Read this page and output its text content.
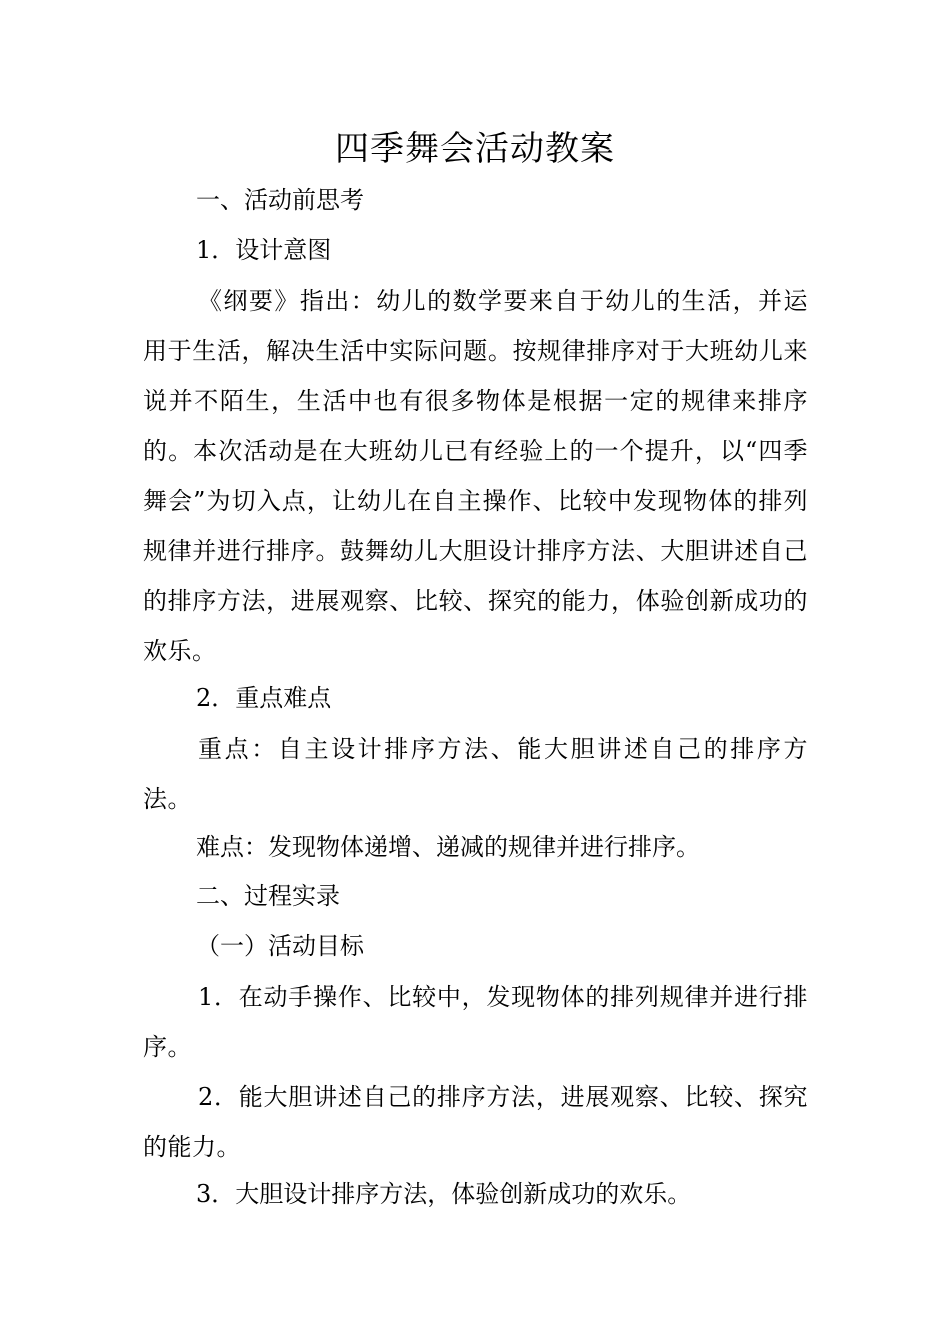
四季舞会活动教案

一、活动前思考

1．设计意图

《纲要》指出：幼儿的数学要来自于幼儿的生活，并运用于生活，解决生活中实际问题。按规律排序对于大班幼儿来说并不陌生，生活中也有很多物体是根据一定的规律来排序的。本次活动是在大班幼儿已有经验上的一个提升，以“四季舞会”为切入点，让幼儿在自主操作、比较中发现物体的排列规律并进行排序。鼓舞幼儿大胆设计排序方法、大胆讲述自己的排序方法，进展观察、比较、探究的能力，体验创新成功的欢乐。

2．重点难点

重点：自主设计排序方法、能大胆讲述自己的排序方法。

难点：发现物体递增、递减的规律并进行排序。

二、过程实录

（一）活动目标

1．在动手操作、比较中，发现物体的排列规律并进行排序。

2．能大胆讲述自己的排序方法，进展观察、比较、探究的能力。

3．大胆设计排序方法，体验创新成功的欢乐。
